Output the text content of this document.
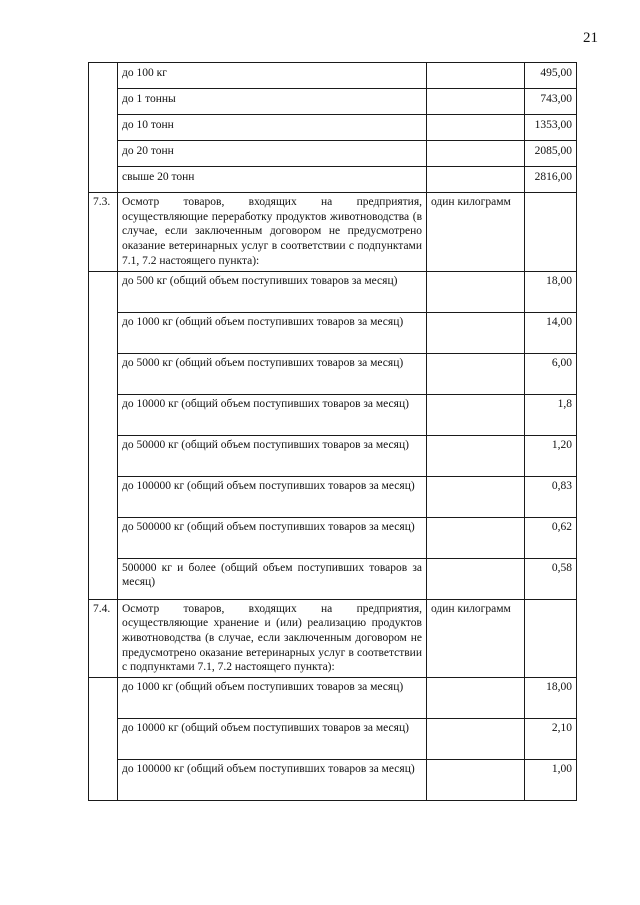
21
	до 100 кг		495,00
	до 1 тонны		743,00
	до 10 тонн		1353,00
	до 20 тонн		2085,00
	свыше 20 тонн		2816,00
7.3.	Осмотр товаров, входящих на предприятия, осуществляющие переработку продуктов животноводства (в случае, если заключенным договором не предусмотрено оказание ветеринарных услуг в соответствии с подпунктами 7.1, 7.2 настоящего пункта):	один килограмм	
	до 500 кг (общий объем поступивших товаров за месяц)		18,00
	до 1000 кг (общий объем поступивших товаров за месяц)		14,00
	до 5000 кг (общий объем поступивших товаров за месяц)		6,00
	до 10000 кг (общий объем поступивших товаров за месяц)		1,8
	до 50000 кг (общий объем поступивших товаров за месяц)		1,20
	до 100000 кг (общий объем поступивших товаров за месяц)		0,83
	до 500000 кг (общий объем поступивших товаров за месяц)		0,62
	500000 кг и более (общий объем поступивших товаров за месяц)		0,58
7.4.	Осмотр товаров, входящих на предприятия, осуществляющие хранение и (или) реализацию продуктов животноводства (в случае, если заключенным договором не предусмотрено оказание ветеринарных услуг в соответствии с подпунктами 7.1, 7.2 настоящего пункта):	один килограмм	
	до 1000 кг (общий объем поступивших товаров за месяц)		18,00
	до 10000 кг (общий объем поступивших товаров за месяц)		2,10
	до 100000 кг (общий объем поступивших товаров за месяц)		1,00
